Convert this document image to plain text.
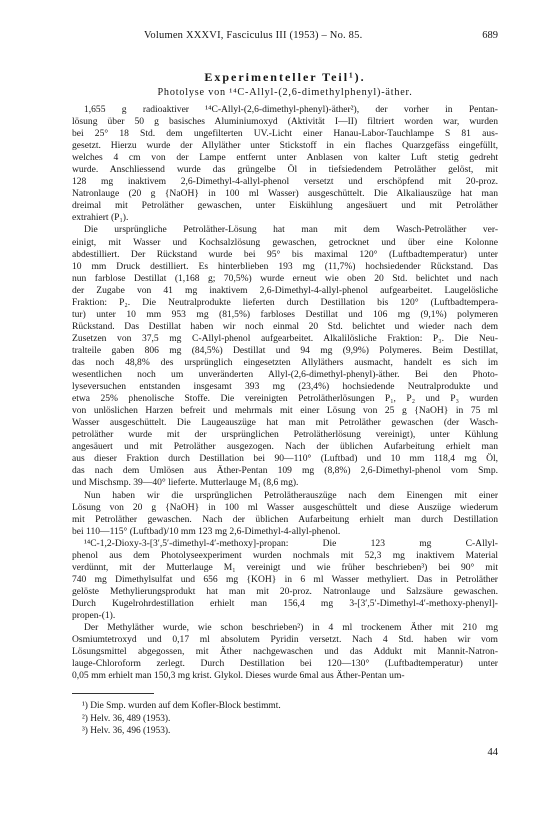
Volumen XXXVI, Fasciculus III (1953) – No. 85.	689
Experimenteller Teil¹).
Photolyse von ¹⁴C-Allyl-(2,6-dimethylphenyl)-äther.
1,655 g radioaktiver ¹⁴C-Allyl-(2,6-dimethyl-phenyl)-äther²), der vorher in Pentan-
lösung über 50 g basisches Aluminiumoxyd (Aktivität I—II) filtriert worden war, wurden
bei 25° 18 Std. dem ungefilterten UV.-Licht einer Hanau-Labor-Tauchlampe S 81 aus-
gesetzt. Hierzu wurde der Allyläther unter Stickstoff in ein flaches Quarzgefäss eingefüllt,
welches 4 cm von der Lampe entfernt unter Anblasen von kalter Luft stetig gedreht
wurde. Anschliessend wurde das grüngelbe Öl in tiefsiedendem Petroläther gelöst, mit
128 mg inaktivem 2,6-Dimethyl-4-allyl-phenol versetzt und erschöpfend mit 20-proz.
Natronlauge (20 g {NaOH} in 100 ml Wasser) ausgeschüttelt. Die Alkaliauszüge hat man
dreimal mit Petroläther gewaschen, unter Eiskühlung angesäuert und mit Petroläther
extrahiert (P₁).
Die ursprüngliche Petroläther-Lösung hat man mit dem Wasch-Petroläther ver-
einigt, mit Wasser und Kochsalzlösung gewaschen, getrocknet und über eine Kolonne
abdestilliert. Der Rückstand wurde bei 95° bis maximal 120° (Luftbadtemperatur) unter
10 mm Druck destilliert. Es hinterblieben 193 mg (11,7%) hochsiedender Rückstand. Das
nun farblose Destillat (1,168 g; 70,5%) wurde erneut wie oben 20 Std. belichtet und nach
der Zugabe von 41 mg inaktivem 2,6-Dimethyl-4-allyl-phenol aufgearbeitet. Laugelösliche
Fraktion: P₂. Die Neutralprodukte lieferten durch Destillation bis 120° (Luftbadtempera-
tur) unter 10 mm 953 mg (81,5%) farbloses Destillat und 106 mg (9,1%) polymeren
Rückstand. Das Destillat haben wir noch einmal 20 Std. belichtet und wieder nach dem
Zusetzen von 37,5 mg C-Allyl-phenol aufgearbeitet. Alkalilösliche Fraktion: P₃. Die Neu-
tralteile gaben 806 mg (84,5%) Destillat und 94 mg (9,9%) Polymeres. Beim Destillat,
das noch 48,8% des ursprünglich eingesetzten Allyläthers ausmacht, handelt es sich im
wesentlichen noch um unveränderten Allyl-(2,6-dimethyl-phenyl)-äther. Bei den Photo-
lyseversuchen entstanden insgesamt 393 mg (23,4%) hochsiedende Neutralprodukte und
etwa 25% phenolische Stoffe. Die vereinigten Petrolätherlösungen P₁, P₂ und P₃ wurden
von unlöslichen Harzen befreit und mehrmals mit einer Lösung von 25 g {NaOH} in 75 ml
Wasser ausgeschüttelt. Die Laugeauszüge hat man mit Petroläther gewaschen (der Wasch-
petroläther wurde mit der ursprünglichen Petrolätherlösung vereinigt), unter Kühlung
angesäuert und mit Petroläther ausgezogen. Nach der üblichen Aufarbeitung erhielt man
aus dieser Fraktion durch Destillation bei 90—110° (Luftbad) und 10 mm 118,4 mg Öl,
das nach dem Umlösen aus Äther-Pentan 109 mg (8,8%) 2,6-Dimethyl-phenol vom Smp.
und Mischsmp. 39—40° lieferte. Mutterlauge M₁ (8,6 mg).
Nun haben wir die ursprünglichen Petrolätherauszüge nach dem Einengen mit einer
Lösung von 20 g {NaOH} in 100 ml Wasser ausgeschüttelt und diese Auszüge wiederum
mit Petroläther gewaschen. Nach der üblichen Aufarbeitung erhielt man durch Destillation
bei 110—115° (Luftbad)/10 mm 123 mg 2,6-Dimethyl-4-allyl-phenol.
¹⁴C-1,2-Dioxy-3-[3′,5′-dimethyl-4′-methoxy]-propan: Die 123 mg C-Allyl-
phenol aus dem Photolyseexperiment wurden nochmals mit 52,3 mg inaktivem Material
verdünnt, mit der Mutterlauge M₁ vereinigt und wie früher beschrieben³) bei 90° mit
740 mg Dimethylsulfat und 656 mg {KOH} in 6 ml Wasser methyliert. Das in Petroläther
gelöste Methylierungsprodukt hat man mit 20-proz. Natronlauge und Salzsäure gewaschen.
Durch Kugelrohrdestillation erhielt man 156,4 mg 3-[3′,5′-Dimethyl-4′-methoxy-phenyl]-
propen-(1).
Der Methyläther wurde, wie schon beschrieben²) in 4 ml trockenem Äther mit 210 mg
Osmiumtetroxyd und 0,17 ml absolutem Pyridin versetzt. Nach 4 Std. haben wir vom
Lösungsmittel abgegossen, mit Äther nachgewaschen und das Addukt mit Mannit-Natron-
lauge-Chloroform zerlegt. Durch Destillation bei 120—130° (Luftbadtemperatur) unter
0,05 mm erhielt man 150,3 mg krist. Glykol. Dieses wurde 6mal aus Äther-Pentan um-
¹) Die Smp. wurden auf dem Kofler-Block bestimmt.
²) Helv. 36, 489 (1953).
³) Helv. 36, 496 (1953).
44
